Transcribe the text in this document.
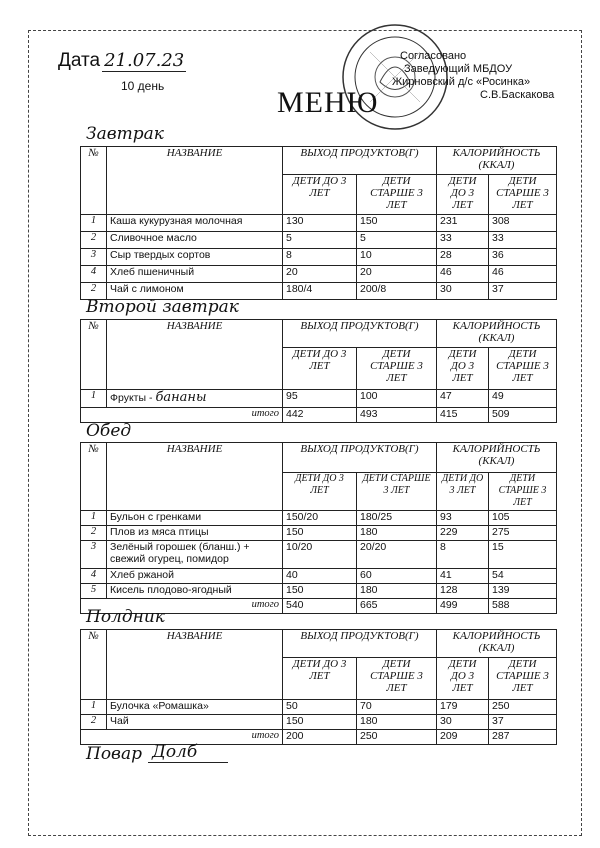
Дата 21.07.23
10 день
Согласовано
Заведующий МБДОУ
Жирновский д/с «Росинка»
С.В.Баскакова
МЕНЮ
Завтрак
№	НАЗВАНИЕ	ВЫХОД ПРОДУКТОВ(Г)		КАЛОРИЙНОСТЬ (ККАЛ)	
		ДЕТИ ДО 3 ЛЕТ	ДЕТИ СТАРШЕ 3 ЛЕТ	ДЕТИ ДО 3 ЛЕТ	ДЕТИ СТАРШЕ 3 ЛЕТ
1	Каша кукурузная молочная	130	150	231	308
2	Сливочное масло	5	5	33	33
3	Сыр твердых сортов	8	10	28	36
4	Хлеб пшеничный	20	20	46	46
2	Чай с лимоном	180/4	200/8	30	37
Второй завтрак
№	НАЗВАНИЕ	ВЫХОД ПРОДУКТОВ(Г)		КАЛОРИЙНОСТЬ (ККАЛ)	
		ДЕТИ ДО 3 ЛЕТ	ДЕТИ СТАРШЕ 3 ЛЕТ	ДЕТИ ДО 3 ЛЕТ	ДЕТИ СТАРШЕ 3 ЛЕТ
1	Фрукты - бананы	95	100	47	49
итого		442	493	415	509
Обед
№	НАЗВАНИЕ	ВЫХОД ПРОДУКТОВ(Г)		КАЛОРИЙНОСТЬ (ККАЛ)	
		ДЕТИ ДО 3 ЛЕТ	ДЕТИ СТАРШЕ 3 ЛЕТ	ДЕТИ ДО 3 ЛЕТ	ДЕТИ СТАРШЕ 3 ЛЕТ
1	Бульон с гренками	150/20	180/25	93	105
2	Плов из мяса птицы	150	180	229	275
3	Зелёный горошек (бланш.) + свежий огурец, помидор	10/20	20/20	8	15
4	Хлеб ржаной	40	60	41	54
5	Кисель плодово-ягодный	150	180	128	139
итого		540	665	499	588
Полдник
№	НАЗВАНИЕ	ВЫХОД ПРОДУКТОВ(Г)		КАЛОРИЙНОСТЬ (ККАЛ)	
		ДЕТИ ДО 3 ЛЕТ	ДЕТИ СТАРШЕ 3 ЛЕТ	ДЕТИ ДО 3 ЛЕТ	ДЕТИ СТАРШЕ 3 ЛЕТ
1	Булочка «Ромашка»	50	70	179	250
2	Чай	150	180	30	37
итого		200	250	209	287
Повар Долб
